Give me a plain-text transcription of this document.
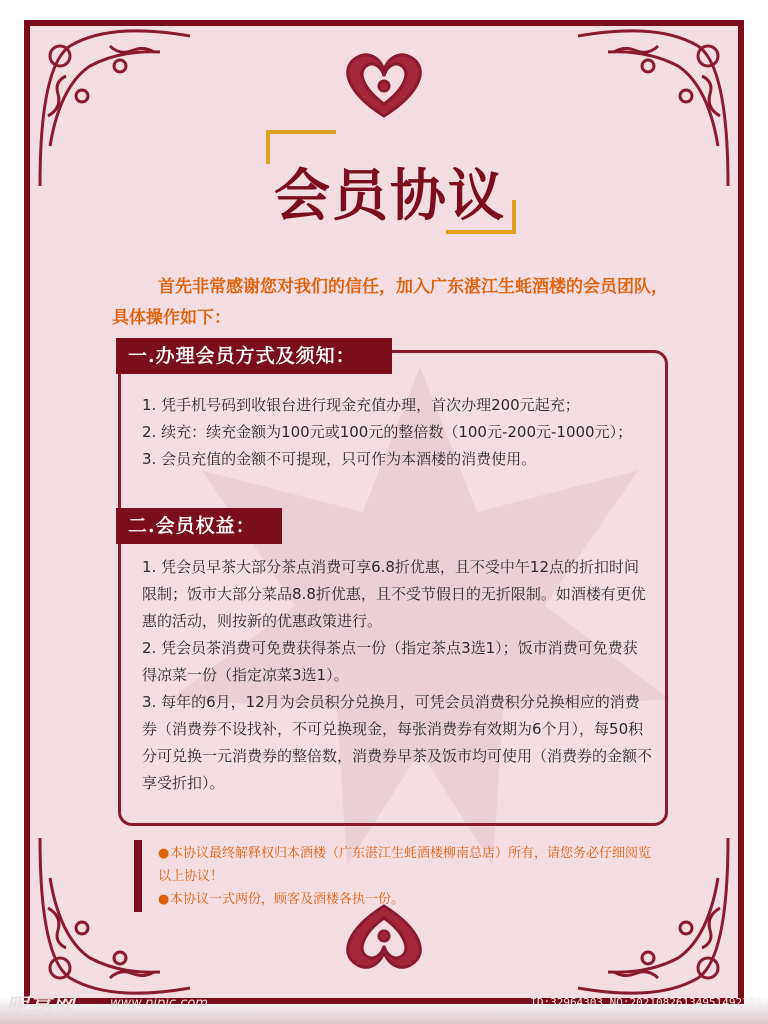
会员协议
首先非常感谢您对我们的信任，加入广东湛江生蚝酒楼的会员团队，具体操作如下：
一.办理会员方式及须知：

1. 凭手机号码到收银台进行现金充值办理，首次办理200元起充；

2. 续充：续充金额为100元或100元的整倍数（100元-200元-1000元）；

3. 会员充值的金额不可提现，只可作为本酒楼的消费使用。

二.会员权益：

1. 凭会员早茶大部分茶点消费可享6.8折优惠，且不受中午12点的折扣时间限制；饭市大部分菜品8.8折优惠，且不受节假日的无折限制。如酒楼有更优惠的活动，则按新的优惠政策进行。

2. 凭会员茶消费可免费获得茶点一份（指定茶点3选1）；饭市消费可免费获得凉菜一份（指定凉菜3选1）。

3. 每年的6月，12月为会员积分兑换月，可凭会员消费积分兑换相应的消费券（消费券不设找补，不可兑换现金，每张消费券有效期为6个月），每50积分可兑换一元消费券的整倍数，消费券早茶及饭市均可使用（消费券的金额不享受折扣）。

●本协议最终解释权归本酒楼（广东湛江生蚝酒楼柳南总店）所有，请您务必仔细阅览以上协议！
●本协议一式两份，顾客及酒楼各执一份。
昵享网	www.nipic.com	ID:32964303 NO:20210826134951492103
